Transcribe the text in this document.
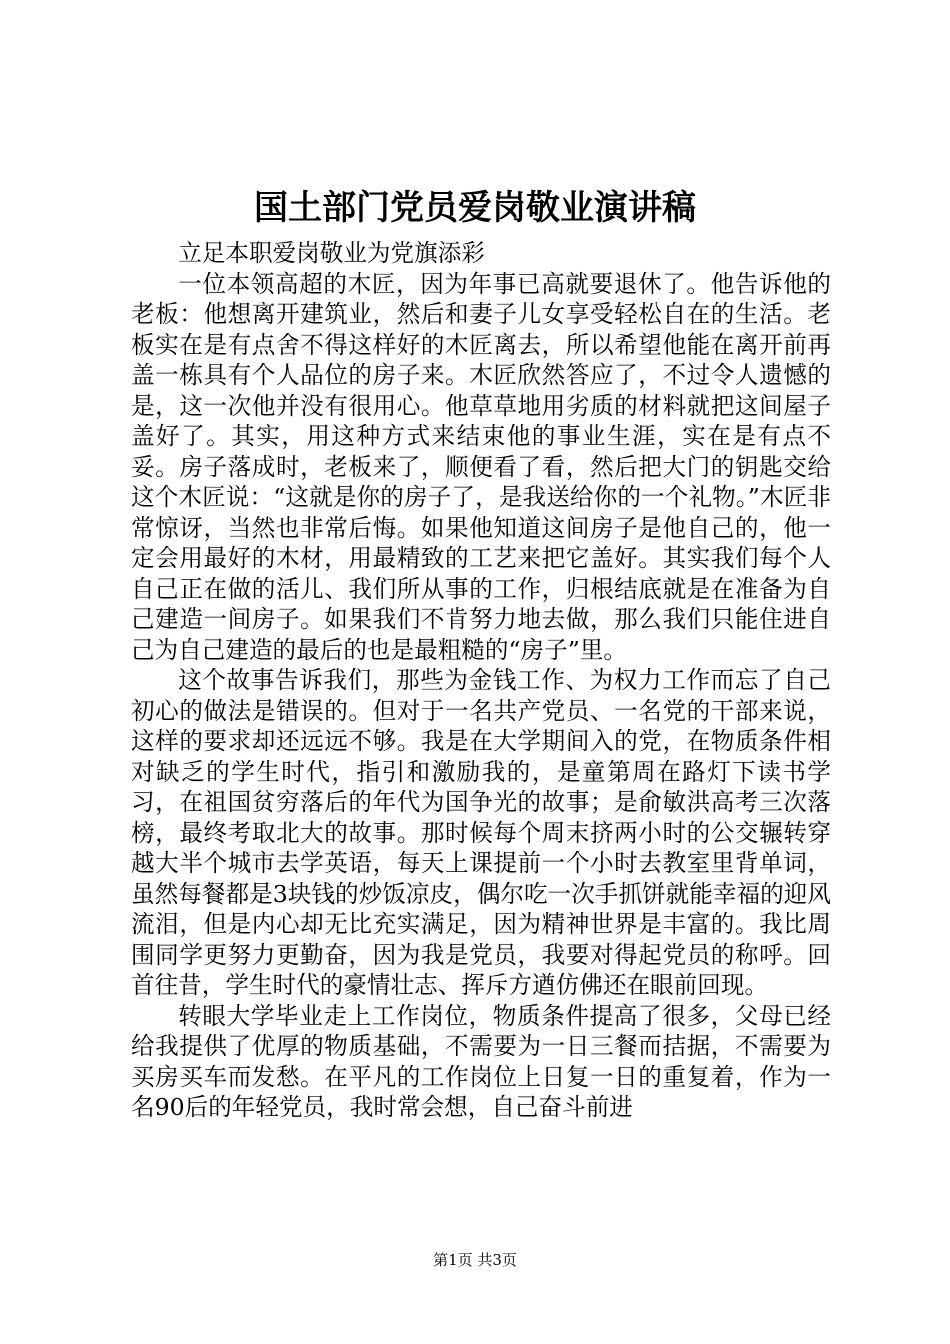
国土部门党员爱岗敬业演讲稿

立足本职爱岗敬业为党旗添彩

一位本领高超的木匠，因为年事已高就要退休了。他告诉他的老板：他想离开建筑业，然后和妻子儿女享受轻松自在的生活。老板实在是有点舍不得这样好的木匠离去，所以希望他能在离开前再盖一栋具有个人品位的房子来。木匠欣然答应了，不过令人遗憾的是，这一次他并没有很用心。他草草地用劣质的材料就把这间屋子盖好了。其实，用这种方式来结束他的事业生涯，实在是有点不妥。房子落成时，老板来了，顺便看了看，然后把大门的钥匙交给这个木匠说：“这就是你的房子了，是我送给你的一个礼物。”木匠非常惊讶，当然也非常后悔。如果他知道这间房子是他自己的，他一定会用最好的木材，用最精致的工艺来把它盖好。其实我们每个人自己正在做的活儿、我们所从事的工作，归根结底就是在准备为自己建造一间房子。如果我们不肯努力地去做，那么我们只能住进自己为自己建造的最后的也是最粗糙的“房子”里。

这个故事告诉我们，那些为金钱工作、为权力工作而忘了自己初心的做法是错误的。但对于一名共产党员、一名党的干部来说，这样的要求却还远远不够。我是在大学期间入的党，在物质条件相对缺乏的学生时代，指引和激励我的，是童第周在路灯下读书学习，在祖国贫穷落后的年代为国争光的故事；是俞敏洪高考三次落榜，最终考取北大的故事。那时候每个周末挤两小时的公交辗转穿越大半个城市去学英语，每天上课提前一个小时去教室里背单词，虽然每餐都是3块钱的炒饭凉皮，偶尔吃一次手抓饼就能幸福的迎风流泪，但是内心却无比充实满足，因为精神世界是丰富的。我比周围同学更努力更勤奋，因为我是党员，我要对得起党员的称呼。回首往昔，学生时代的豪情壮志、挥斥方遒仿佛还在眼前回现。

转眼大学毕业走上工作岗位，物质条件提高了很多，父母已经给我提供了优厚的物质基础，不需要为一日三餐而拮据，不需要为买房买车而发愁。在平凡的工作岗位上日复一日的重复着，作为一名90后的年轻党员，我时常会想，自己奋斗前进

第1页 共3页
